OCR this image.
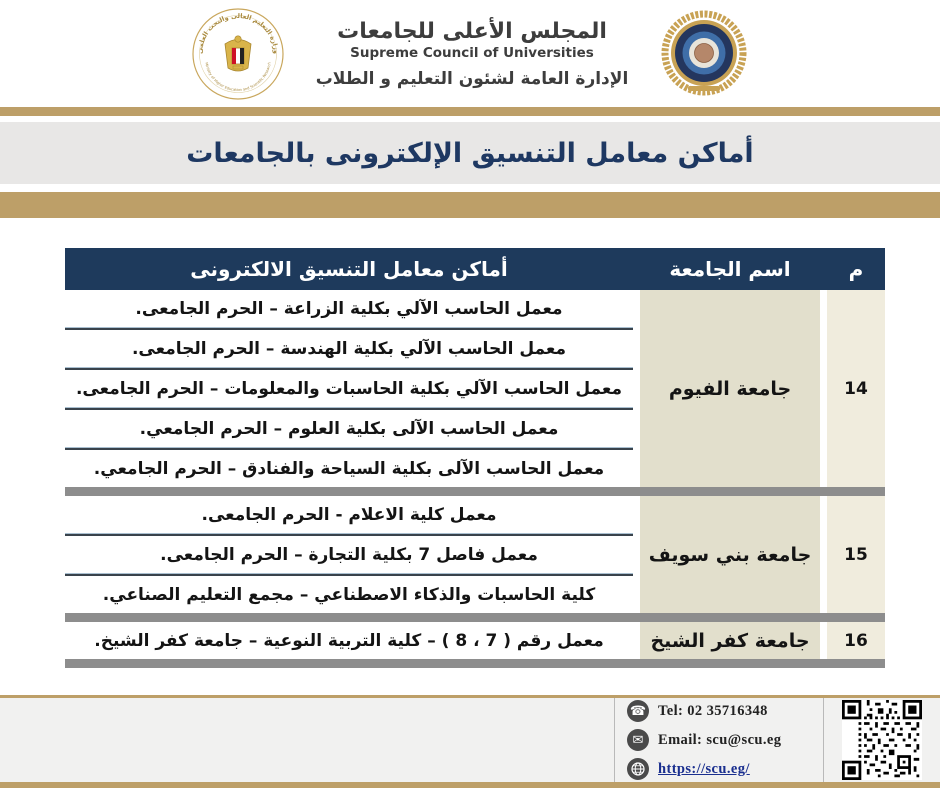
وزارة التعليم العالى والبحث العلمى
Ministry of Higher Education and Scientific Research
المجلس الأعلى للجامعات
Supreme Council of Universities
الإدارة العامة لشئون التعليم و الطلاب
أماكن معامل التنسيق الإلكترونى بالجامعات
أماكن معامل التنسيق الالكترونى	اسم الجامعة	م
معمل الحاسب الآلي بكلية الزراعة – الحرم الجامعى.
معمل الحاسب الآلي بكلية الهندسة – الحرم الجامعى.
معمل الحاسب الآلي بكلية الحاسبات والمعلومات – الحرم الجامعى.
معمل الحاسب الآلى بكلية العلوم – الحرم الجامعي.
معمل الحاسب الآلى بكلية السياحة والفنادق – الحرم الجامعي.
جامعة الفيوم	14
معمل كلية الاعلام - الحرم الجامعى.
معمل فاصل 7 بكلية التجارة – الحرم الجامعى.
كلية الحاسبات والذكاء الاصطناعي – مجمع التعليم الصناعي.
جامعة بني سويف	15
معمل رقم ( 7 ، 8 ) – كلية التربية النوعية – جامعة كفر الشيخ.	جامعة كفر الشيخ	16
☎ Tel: 02 35716348
✉	Email: scu@scu.eg
https://scu.eg/
